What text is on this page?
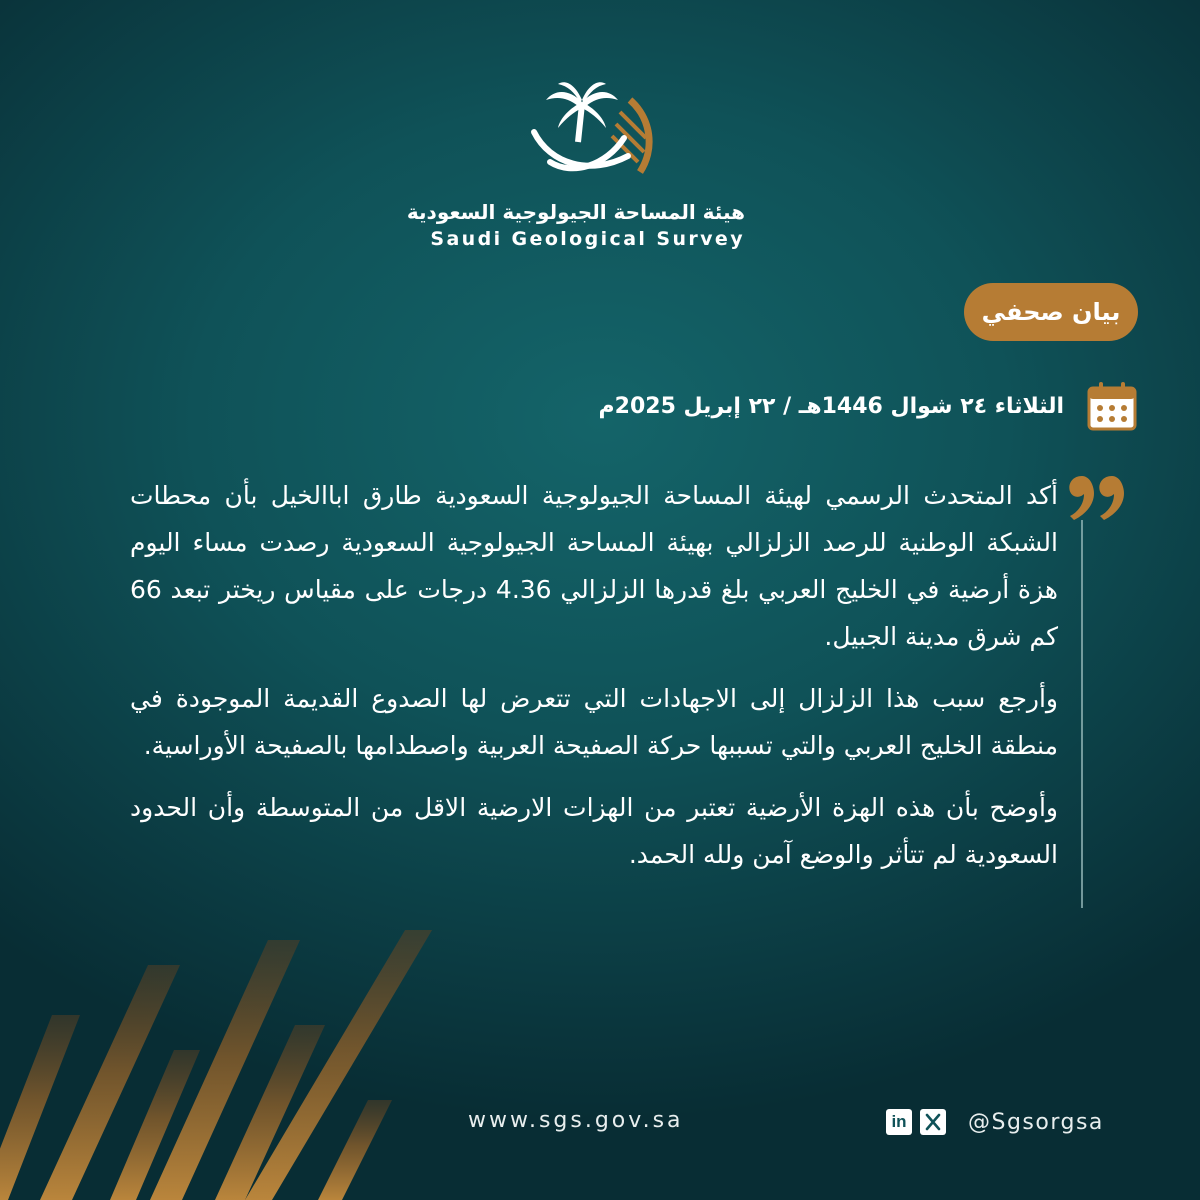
هيئة المساحة الجيولوجية السعودية
Saudi Geological Survey
بيان صحفي
الثلاثاء ٢٤ شوال 1446هـ / ٢٢ إبريل 2025م

أكد المتحدث الرسمي لهيئة المساحة الجيولوجية السعودية طارق اباالخيل بأن محطات الشبكة الوطنية للرصد الزلزالي بهيئة المساحة الجيولوجية السعودية رصدت مساء اليوم هزة أرضية في الخليج العربي بلغ قدرها الزلزالي 4.36 درجات على مقياس ريختر تبعد 66 كم شرق مدينة الجبيل.

وأرجع سبب هذا الزلزال إلى الاجهادات التي تتعرض لها الصدوع القديمة الموجودة في منطقة الخليج العربي والتي تسببها حركة الصفيحة العربية واصطدامها بالصفيحة الأوراسية.

وأوضح بأن هذه الهزة الأرضية تعتبر من الهزات الارضية الاقل من المتوسطة وأن الحدود السعودية لم تتأثر والوضع آمن ولله الحمد.

www.sgs.gov.sa	in	@Sgsorgsa
